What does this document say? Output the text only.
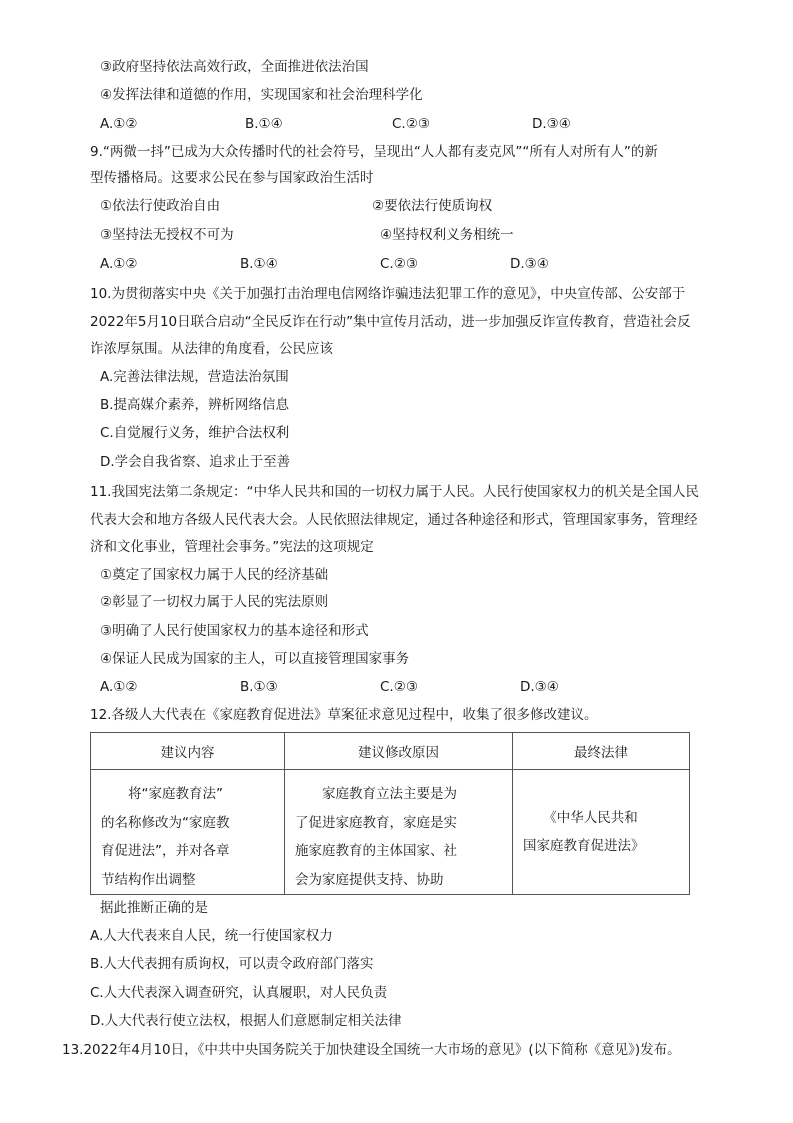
③政府坚持依法高效行政，全面推进依法治国
④发挥法律和道德的作用，实现国家和社会治理科学化
A.①②	B.①④	C.②③	D.③④
9.“两微一抖”已成为大众传播时代的社会符号，呈现出“人人都有麦克风”“所有人对所有人”的新
型传播格局。这要求公民在参与国家政治生活时
①依法行使政治自由	②要依法行使质询权
③坚持法无授权不可为	④坚持权利义务相统一
A.①②	B.①④	C.②③	D.③④
10.为贯彻落实中央《关于加强打击治理电信网络诈骗违法犯罪工作的意见》，中央宣传部、公安部于
2022年5月10日联合启动“全民反诈在行动”集中宣传月活动，进一步加强反诈宣传教育，营造社会反
诈浓厚氛围。从法律的角度看，公民应该
A.完善法律法规，营造法治氛围
B.提高媒介素养，辨析网络信息
C.自觉履行义务，维护合法权利
D.学会自我省察、追求止于至善
11.我国宪法第二条规定：“中华人民共和国的一切权力属于人民。人民行使国家权力的机关是全国人民
代表大会和地方各级人民代表大会。人民依照法律规定，通过各种途径和形式，管理国家事务，管理经
济和文化事业，管理社会事务。”宪法的这项规定
①奠定了国家权力属于人民的经济基础
②彰显了一切权力属于人民的宪法原则
③明确了人民行使国家权力的基本途径和形式
④保证人民成为国家的主人，可以直接管理国家事务
A.①②	B.①③	C.②③	D.③④
12.各级人大代表在《家庭教育促进法》草案征求意见过程中，收集了很多修改建议。
建议内容	建议修改原因	最终法律
　　将“家庭教育法”
的名称修改为“家庭教
育促进法”，并对各章
节结构作出调整	　　家庭教育立法主要是为
了促进家庭教育，家庭是实
施家庭教育的主体国家、社
会为家庭提供支持、协助	　　《中华人民共和
国家庭教育促进法》
据此推断正确的是
A.人大代表来自人民，统一行使国家权力
B.人大代表拥有质询权，可以责令政府部门落实
C.人大代表深入调查研究，认真履职，对人民负责
D.人大代表行使立法权，根据人们意愿制定相关法律
13.2022年4月10日，《中共中央国务院关于加快建设全国统一大市场的意见》(以下简称《意见》)发布。
